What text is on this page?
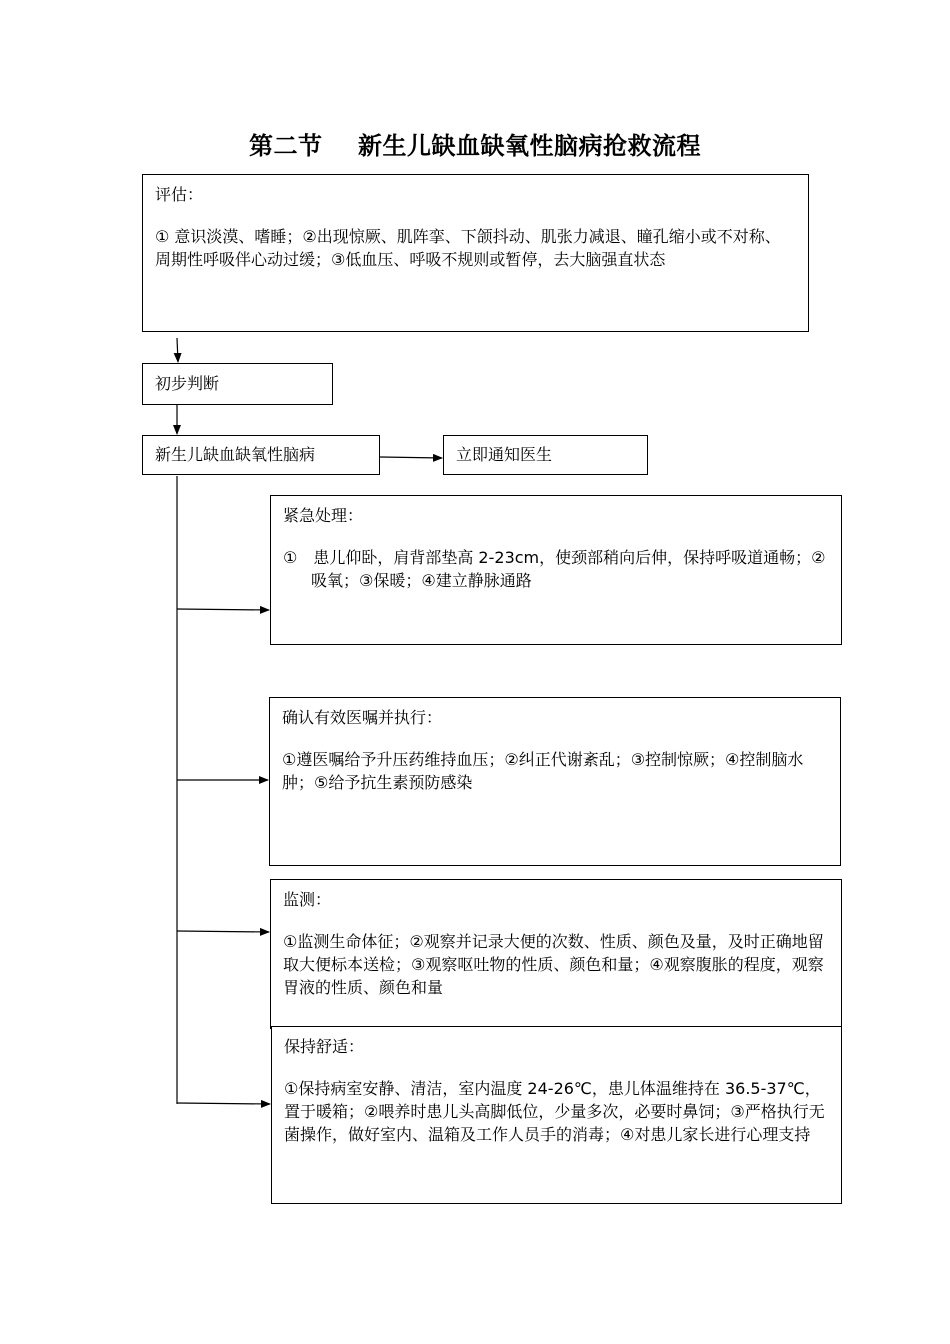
第二节    新生儿缺血缺氧性脑病抢救流程
评估：

① 意识淡漠、嗜睡；②出现惊厥、肌阵挛、下颌抖动、肌张力减退、瞳孔缩小或不对称、周期性呼吸伴心动过缓；③低血压、呼吸不规则或暂停，去大脑强直状态

初步判断
新生儿缺血缺氧性脑病	立即通知医生
紧急处理：

①　患儿仰卧，肩背部垫高 2-23cm，使颈部稍向后伸，保持呼吸道通畅；②吸氧；③保暖；④建立静脉通路

确认有效医嘱并执行：

①遵医嘱给予升压药维持血压；②纠正代谢紊乱；③控制惊厥；④控制脑水肿；⑤给予抗生素预防感染

监测：

①监测生命体征；②观察并记录大便的次数、性质、颜色及量，及时正确地留取大便标本送检；③观察呕吐物的性质、颜色和量；④观察腹胀的程度，观察胃液的性质、颜色和量

保持舒适：

①保持病室安静、清洁，室内温度 24-26℃，患儿体温维持在 36.5-37℃，置于暖箱；②喂养时患儿头高脚低位，少量多次，必要时鼻饲；③严格执行无菌操作，做好室内、温箱及工作人员手的消毒；④对患儿家长进行心理支持
